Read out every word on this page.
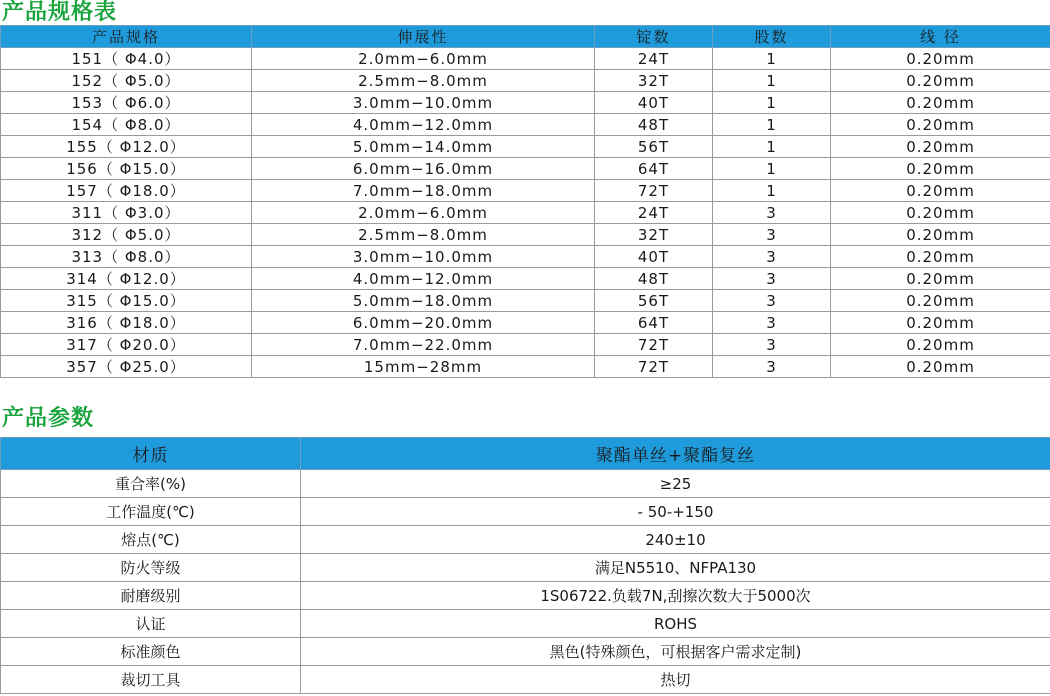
产品规格表
产品规格	伸展性	锭数	股数	线 径
151（ Φ4.0）	2.0mm−6.0mm	24T	1	0.20mm
152（ Φ5.0）	2.5mm−8.0mm	32T	1	0.20mm
153（ Φ6.0）	3.0mm−10.0mm	40T	1	0.20mm
154（ Φ8.0）	4.0mm−12.0mm	48T	1	0.20mm
155（ Φ12.0）	5.0mm−14.0mm	56T	1	0.20mm
156（ Φ15.0）	6.0mm−16.0mm	64T	1	0.20mm
157（ Φ18.0）	7.0mm−18.0mm	72T	1	0.20mm
311（ Φ3.0）	2.0mm−6.0mm	24T	3	0.20mm
312（ Φ5.0）	2.5mm−8.0mm	32T	3	0.20mm
313（ Φ8.0）	3.0mm−10.0mm	40T	3	0.20mm
314（ Φ12.0）	4.0mm−12.0mm	48T	3	0.20mm
315（ Φ15.0）	5.0mm−18.0mm	56T	3	0.20mm
316（ Φ18.0）	6.0mm−20.0mm	64T	3	0.20mm
317（ Φ20.0）	7.0mm−22.0mm	72T	3	0.20mm
357（ Φ25.0）	15mm−28mm	72T	3	0.20mm
产品参数
材质	聚酯单丝+聚酯复丝
重合率(%)	≥25
工作温度(℃)	- 50-+150
熔点(℃)	240±10
防火等级	满足N5510、NFPA130
耐磨级别	1S06722.负载7N,刮擦次数大于5000次
认证	ROHS
标准颜色	黑色(特殊颜色，可根据客户需求定制)
裁切工具	热切
